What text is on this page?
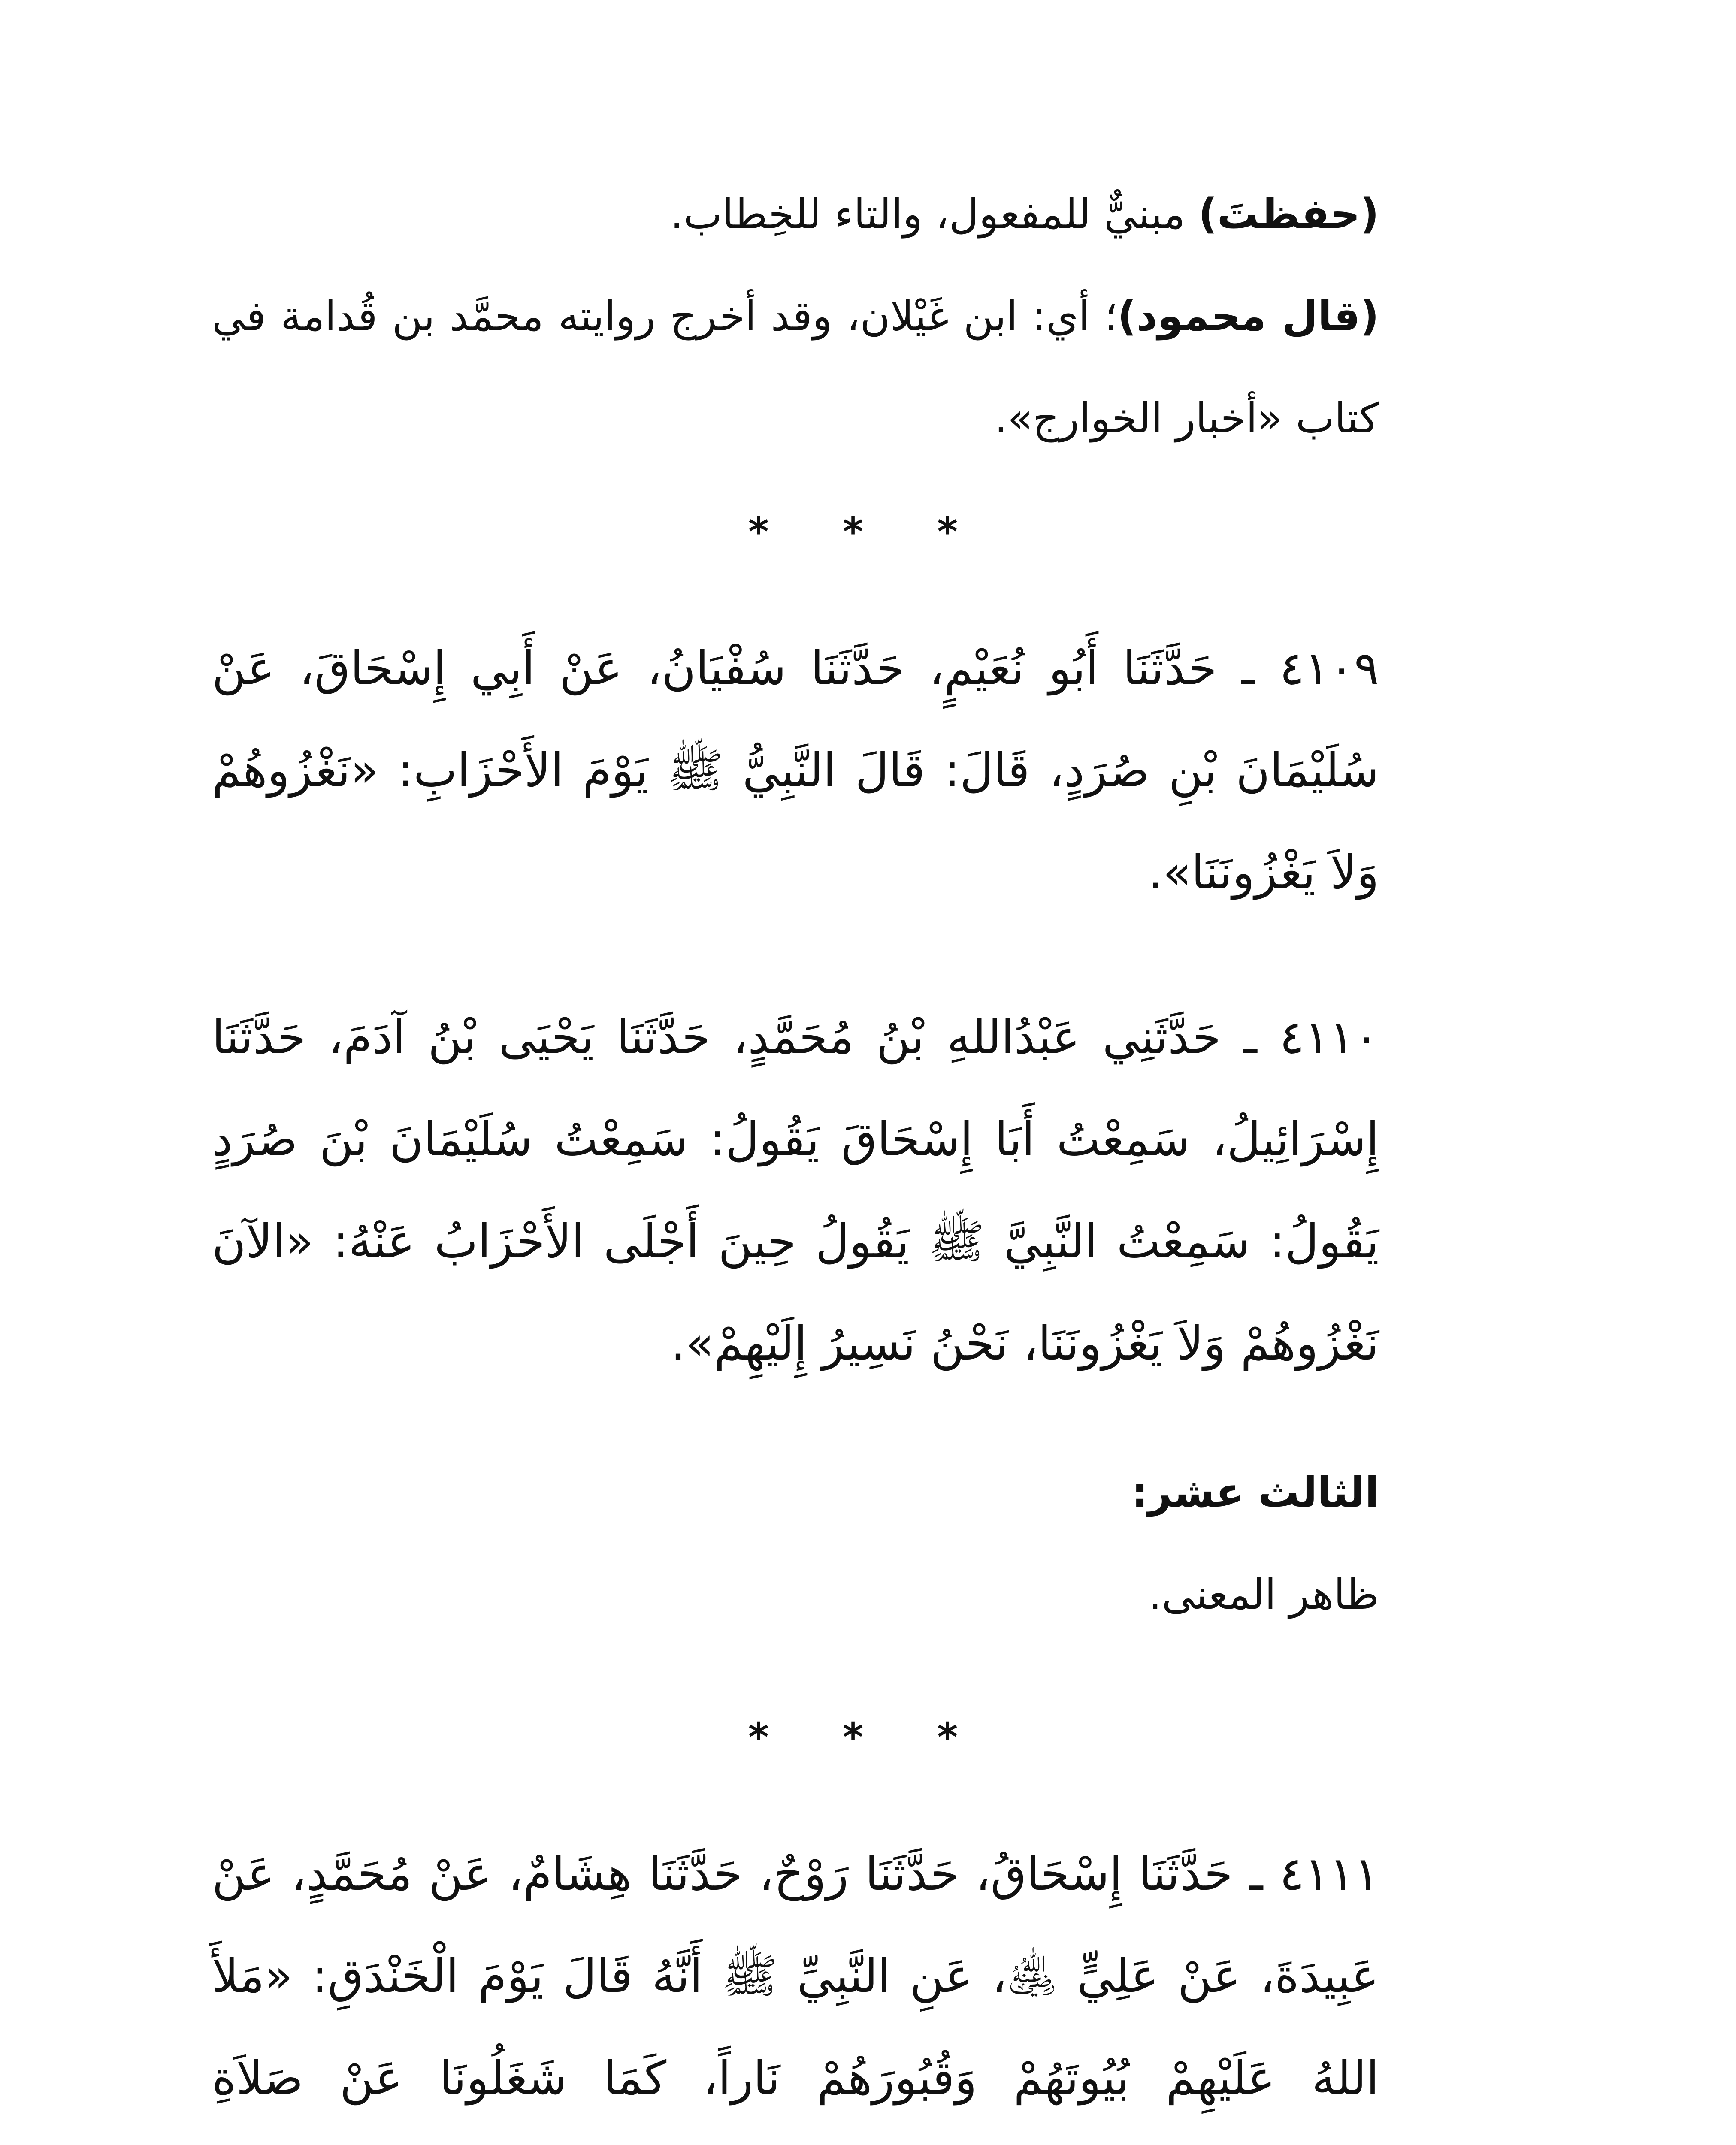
(حفظتَ) مبنيٌّ للمفعول، والتاء للخِطاب.

(قال محمود)؛ أي: ابن غَيْلان، وقد أخرج روايته محمَّد بن قُدامة في كتاب «أخبار الخوارج».

* * *

٤١٠٩ ـ حَدَّثَنَا أَبُو نُعَيْمٍ، حَدَّثَنَا سُفْيَانُ، عَنْ أَبِي إِسْحَاقَ، عَنْ سُلَيْمَانَ بْنِ صُرَدٍ، قَالَ: قَالَ النَّبِيُّ ﷺ يَوْمَ الأَحْزَابِ: «نَغْزُوهُمْ وَلاَ يَغْزُونَنَا».

٤١١٠ ـ حَدَّثَنِي عَبْدُاللهِ بْنُ مُحَمَّدٍ، حَدَّثَنَا يَحْيَى بْنُ آدَمَ، حَدَّثَنَا إِسْرَائِيلُ، سَمِعْتُ أَبَا إِسْحَاقَ يَقُولُ: سَمِعْتُ سُلَيْمَانَ بْنَ صُرَدٍ يَقُولُ: سَمِعْتُ النَّبِيَّ ﷺ يَقُولُ حِينَ أَجْلَى الأَحْزَابُ عَنْهُ: «الآنَ نَغْزُوهُمْ وَلاَ يَغْزُونَنَا، نَحْنُ نَسِيرُ إِلَيْهِمْ».

الثالث عشر:

ظاهر المعنى.

* * *

٤١١١ ـ حَدَّثَنَا إِسْحَاقُ، حَدَّثَنَا رَوْحٌ، حَدَّثَنَا هِشَامٌ، عَنْ مُحَمَّدٍ، عَنْ عَبِيدَةَ، عَنْ عَلِيٍّ ﵁، عَنِ النَّبِيِّ ﷺ أَنَّهُ قَالَ يَوْمَ الْخَنْدَقِ: «مَلأَ اللهُ عَلَيْهِمْ بُيُوتَهُمْ وَقُبُورَهُمْ نَاراً، كَمَا شَغَلُونَا عَنْ صَلاَةِ
